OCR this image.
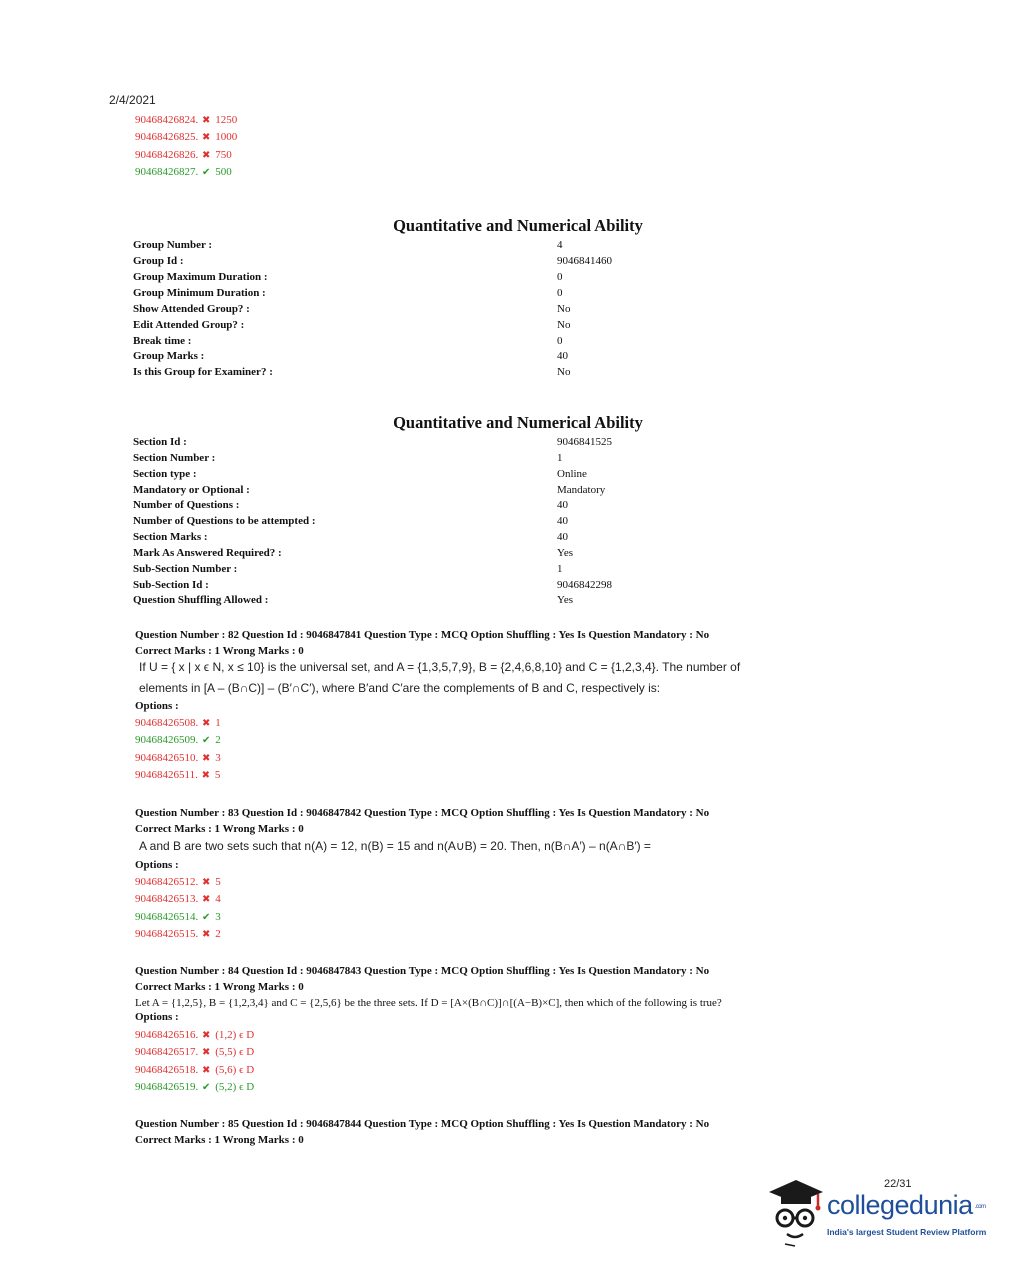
2/4/2021
90468426824. ✖ 1250
90468426825. ✖ 1000
90468426826. ✖ 750
90468426827. ✔ 500
Quantitative and Numerical Ability
Group Number :	4
Group Id :	9046841460
Group Maximum Duration :	0
Group Minimum Duration :	0
Show Attended Group? :	No
Edit Attended Group? :	No
Break time :	0
Group Marks :	40
Is this Group for Examiner? :	No
Quantitative and Numerical Ability
Section Id :	9046841525
Section Number :	1
Section type :	Online
Mandatory or Optional :	Mandatory
Number of Questions :	40
Number of Questions to be attempted :	40
Section Marks :	40
Mark As Answered Required? :	Yes
Sub-Section Number :	1
Sub-Section Id :	9046842298
Question Shuffling Allowed :	Yes
Question Number : 82 Question Id : 9046847841 Question Type : MCQ Option Shuffling : Yes Is Question Mandatory : No
Correct Marks : 1 Wrong Marks : 0
If U = { x | x ϵ N, x ≤ 10} is the universal set, and A = {1,3,5,7,9}, B = {2,4,6,8,10} and C = {1,2,3,4}. The number of
elements in [A – (B∩C)] – (B′∩C′), where B′and C′are the complements of B and C, respectively is:
Options :
90468426508. ✖ 1
90468426509. ✔ 2
90468426510. ✖ 3
90468426511. ✖ 5
Question Number : 83 Question Id : 9046847842 Question Type : MCQ Option Shuffling : Yes Is Question Mandatory : No
Correct Marks : 1 Wrong Marks : 0
A and B are two sets such that n(A) = 12, n(B) = 15 and n(A∪B) = 20. Then, n(B∩A′) – n(A∩B′) =
Options :
90468426512. ✖ 5
90468426513. ✖ 4
90468426514. ✔ 3
90468426515. ✖ 2
Question Number : 84 Question Id : 9046847843 Question Type : MCQ Option Shuffling : Yes Is Question Mandatory : No
Correct Marks : 1 Wrong Marks : 0
Let A = {1,2,5}, B = {1,2,3,4} and C = {2,5,6} be the three sets. If D = [A×(B∩C)]∩[(A−B)×C], then which of the following is true?
Options :
90468426516. ✖ (1,2) ϵ D
90468426517. ✖ (5,5) ϵ D
90468426518. ✖ (5,6) ϵ D
90468426519. ✔ (5,2) ϵ D
Question Number : 85 Question Id : 9046847844 Question Type : MCQ Option Shuffling : Yes Is Question Mandatory : No
Correct Marks : 1 Wrong Marks : 0
22/31
collegedunia .com
India's largest Student Review Platform
